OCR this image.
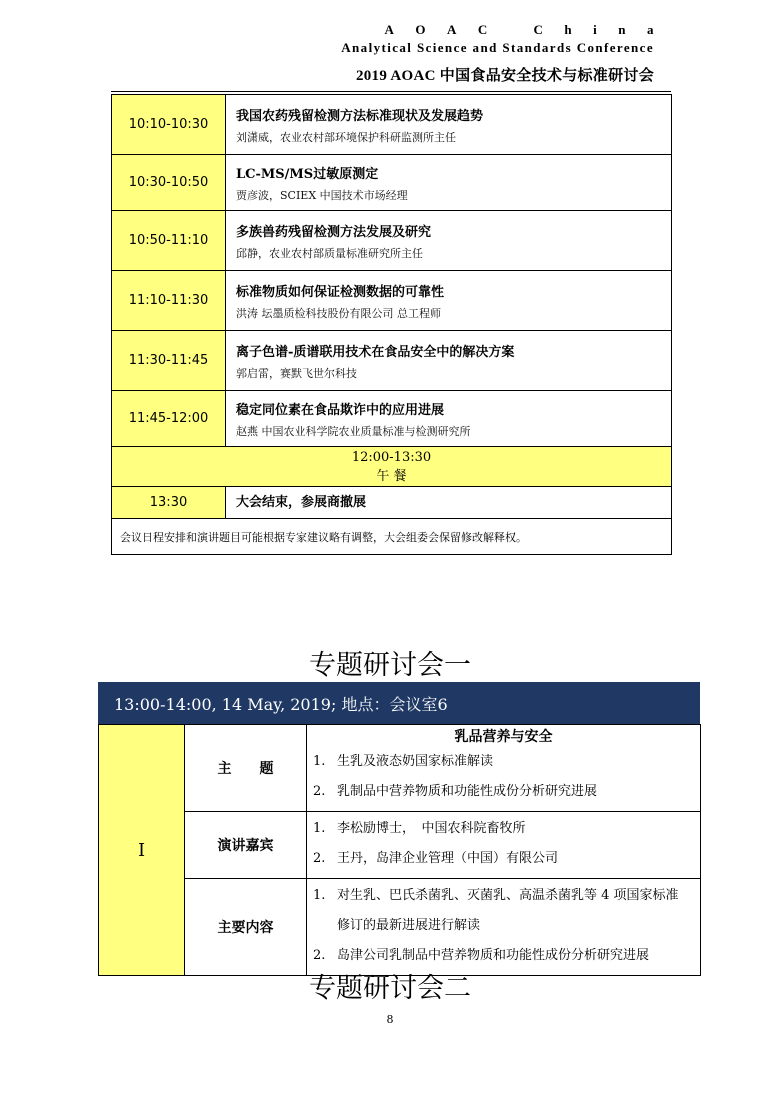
AOAC China
Analytical Science and Standards Conference
2019 AOAC 中国食品安全技术与标准研讨会
10:10-10:30	我国农药残留检测方法标准现状及发展趋势
刘潇威，农业农村部环境保护科研监测所主任

10:30-10:50	LC-MS/MS过敏原测定
贾彦波，SCIEX 中国技术市场经理

10:50-11:10	多族兽药残留检测方法发展及研究
邱静，农业农村部质量标准研究所主任

11:10-11:30	标准物质如何保证检测数据的可靠性
洪涛 坛墨质检科技股份有限公司 总工程师

11:30-11:45	离子色谱-质谱联用技术在食品安全中的解决方案
郭启雷，赛默飞世尔科技

11:45-12:00	稳定同位素在食品欺诈中的应用进展
赵燕 中国农业科学院农业质量标准与检测研究所

12:00-13:30
午 餐	

13:30	大会结束，参展商撤展

会议日程安排和演讲题目可能根据专家建议略有调整，大会组委会保留修改解释权。	
专题研讨会一
13:00-14:00, 14 May, 2019; 地点：会议室6
I	主　　题	乳品营养与安全
1. 生乳及液态奶国家标准解读
2. 乳制品中营养物质和功能性成份分析研究进展

	演讲嘉宾	1. 李松励博士，　中国农科院畜牧所
2. 王丹，岛津企业管理（中国）有限公司

	主要内容	1. 对生乳、巴氏杀菌乳、灭菌乳、高温杀菌乳等 4 项国家标准
修订的最新进展进行解读
2. 岛津公司乳制品中营养物质和功能性成份分析研究进展
专题研讨会二
8
